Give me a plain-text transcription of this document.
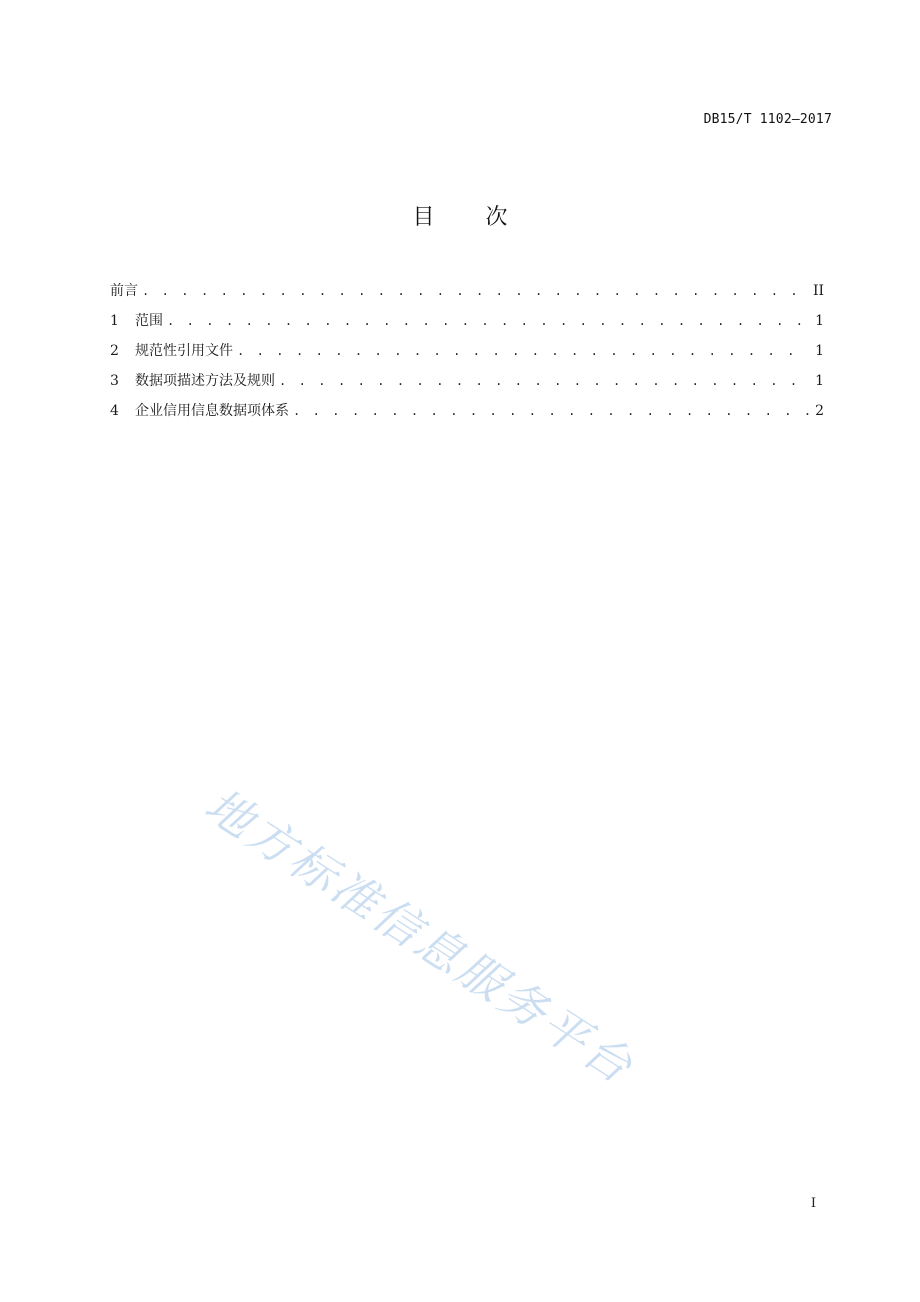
DB15/T 1102—2017
目 次
前言 . . .	II
1	范围 . . .	1
2	规范性引用文件 . . .	1
3	数据项描述方法及规则 . . .	1
4	企业信用信息数据项体系 . . .	2
地方标准信息服务平台
I
